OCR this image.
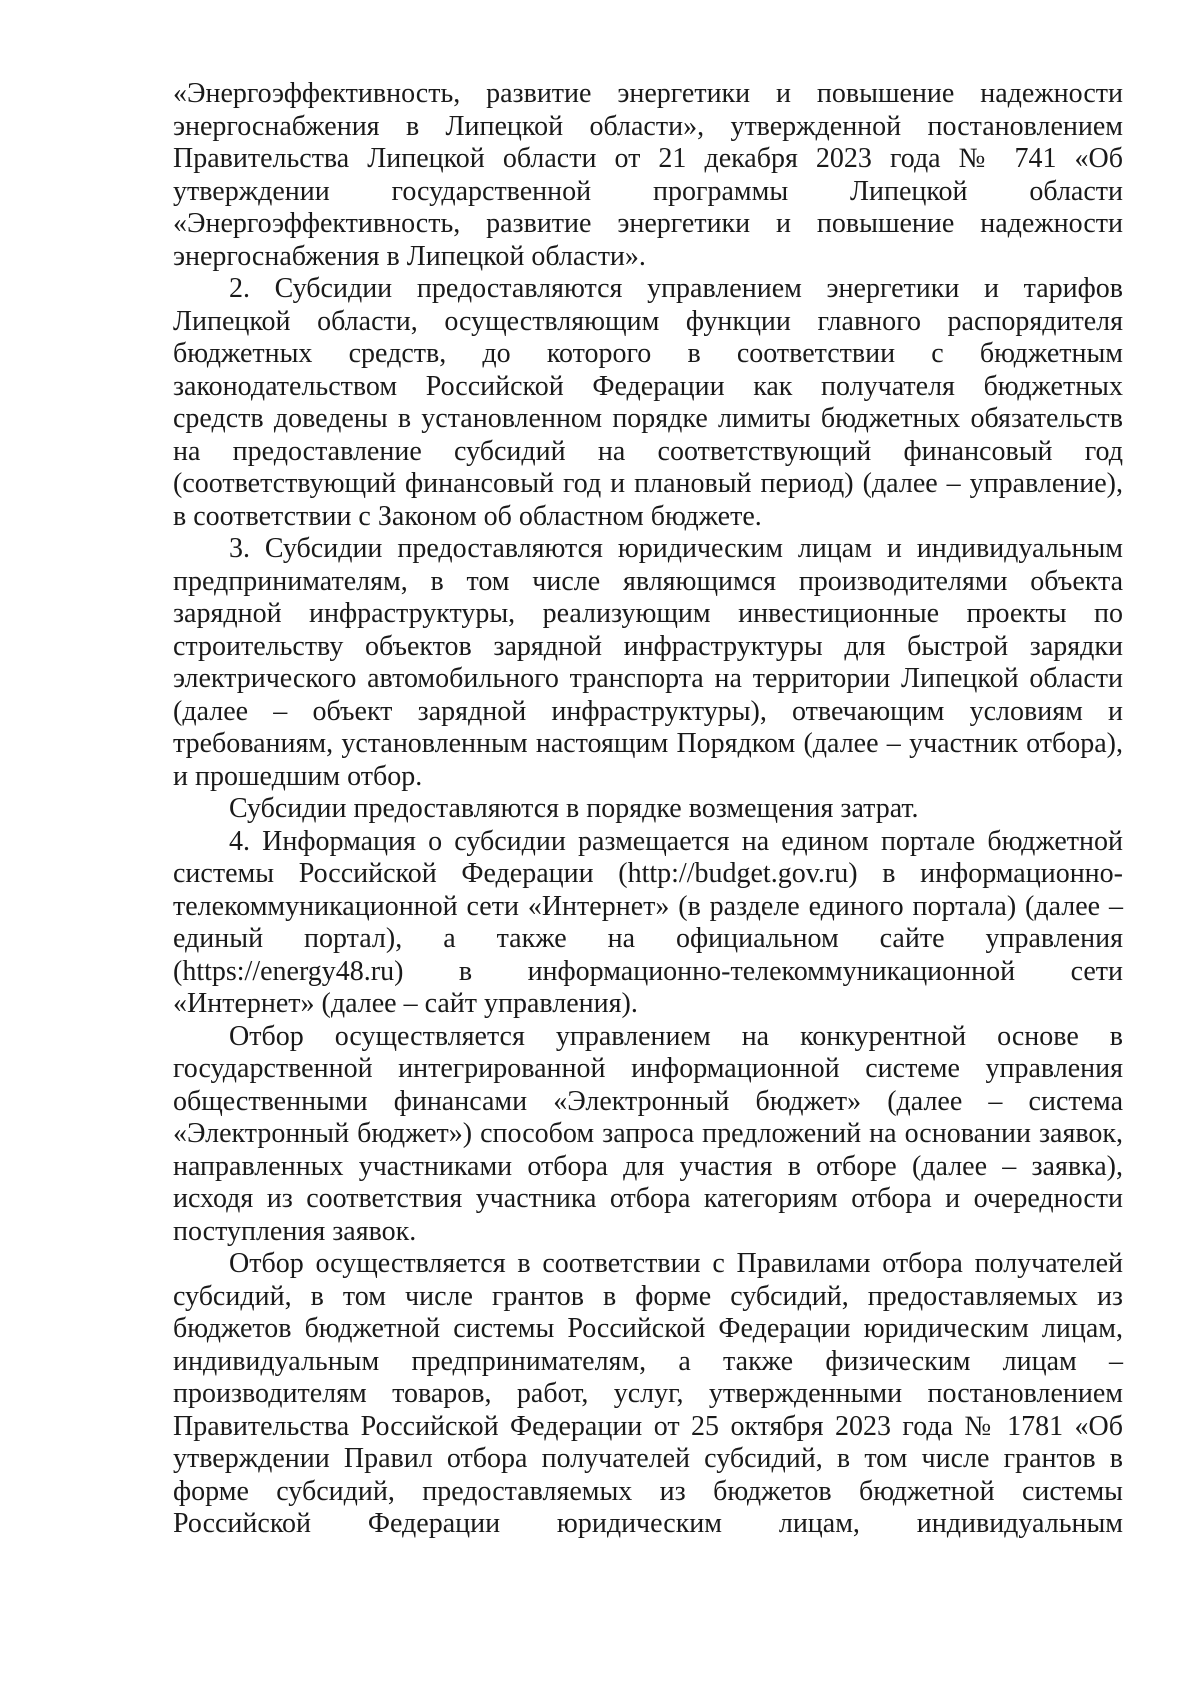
«Энергоэффективность, развитие энергетики и повышение надежности
энергоснабжения в Липецкой области», утвержденной постановлением
Правительства Липецкой области от 21 декабря 2023 года № 741 «Об
утверждении государственной программы Липецкой области
«Энергоэффективность, развитие энергетики и повышение надежности
энергоснабжения в Липецкой области».
2. Субсидии предоставляются управлением энергетики и тарифов
Липецкой области, осуществляющим функции главного распорядителя
бюджетных средств, до которого в соответствии с бюджетным
законодательством Российской Федерации как получателя бюджетных
средств доведены в установленном порядке лимиты бюджетных обязательств
на предоставление субсидий на соответствующий финансовый год
(соответствующий финансовый год и плановый период) (далее – управление),
в соответствии с Законом об областном бюджете.
3. Субсидии предоставляются юридическим лицам и индивидуальным
предпринимателям, в том числе являющимся производителями объекта
зарядной инфраструктуры, реализующим инвестиционные проекты по
строительству объектов зарядной инфраструктуры для быстрой зарядки
электрического автомобильного транспорта на территории Липецкой области
(далее – объект зарядной инфраструктуры), отвечающим условиям и
требованиям, установленным настоящим Порядком (далее – участник отбора),
и прошедшим отбор.
Субсидии предоставляются в порядке возмещения затрат.
4. Информация о субсидии размещается на едином портале бюджетной
системы Российской Федерации (http://budget.gov.ru) в информационно-
телекоммуникационной сети «Интернет» (в разделе единого портала) (далее –
единый портал), а также на официальном сайте управления
(https://energy48.ru) в информационно-телекоммуникационной сети
«Интернет» (далее – сайт управления).
Отбор осуществляется управлением на конкурентной основе в
государственной интегрированной информационной системе управления
общественными финансами «Электронный бюджет» (далее – система
«Электронный бюджет») способом запроса предложений на основании заявок,
направленных участниками отбора для участия в отборе (далее – заявка),
исходя из соответствия участника отбора категориям отбора и очередности
поступления заявок.
Отбор осуществляется в соответствии с Правилами отбора получателей
субсидий, в том числе грантов в форме субсидий, предоставляемых из
бюджетов бюджетной системы Российской Федерации юридическим лицам,
индивидуальным предпринимателям, а также физическим лицам –
производителям товаров, работ, услуг, утвержденными постановлением
Правительства Российской Федерации от 25 октября 2023 года № 1781 «Об
утверждении Правил отбора получателей субсидий, в том числе грантов в
форме субсидий, предоставляемых из бюджетов бюджетной системы
Российской Федерации юридическим лицам, индивидуальным
